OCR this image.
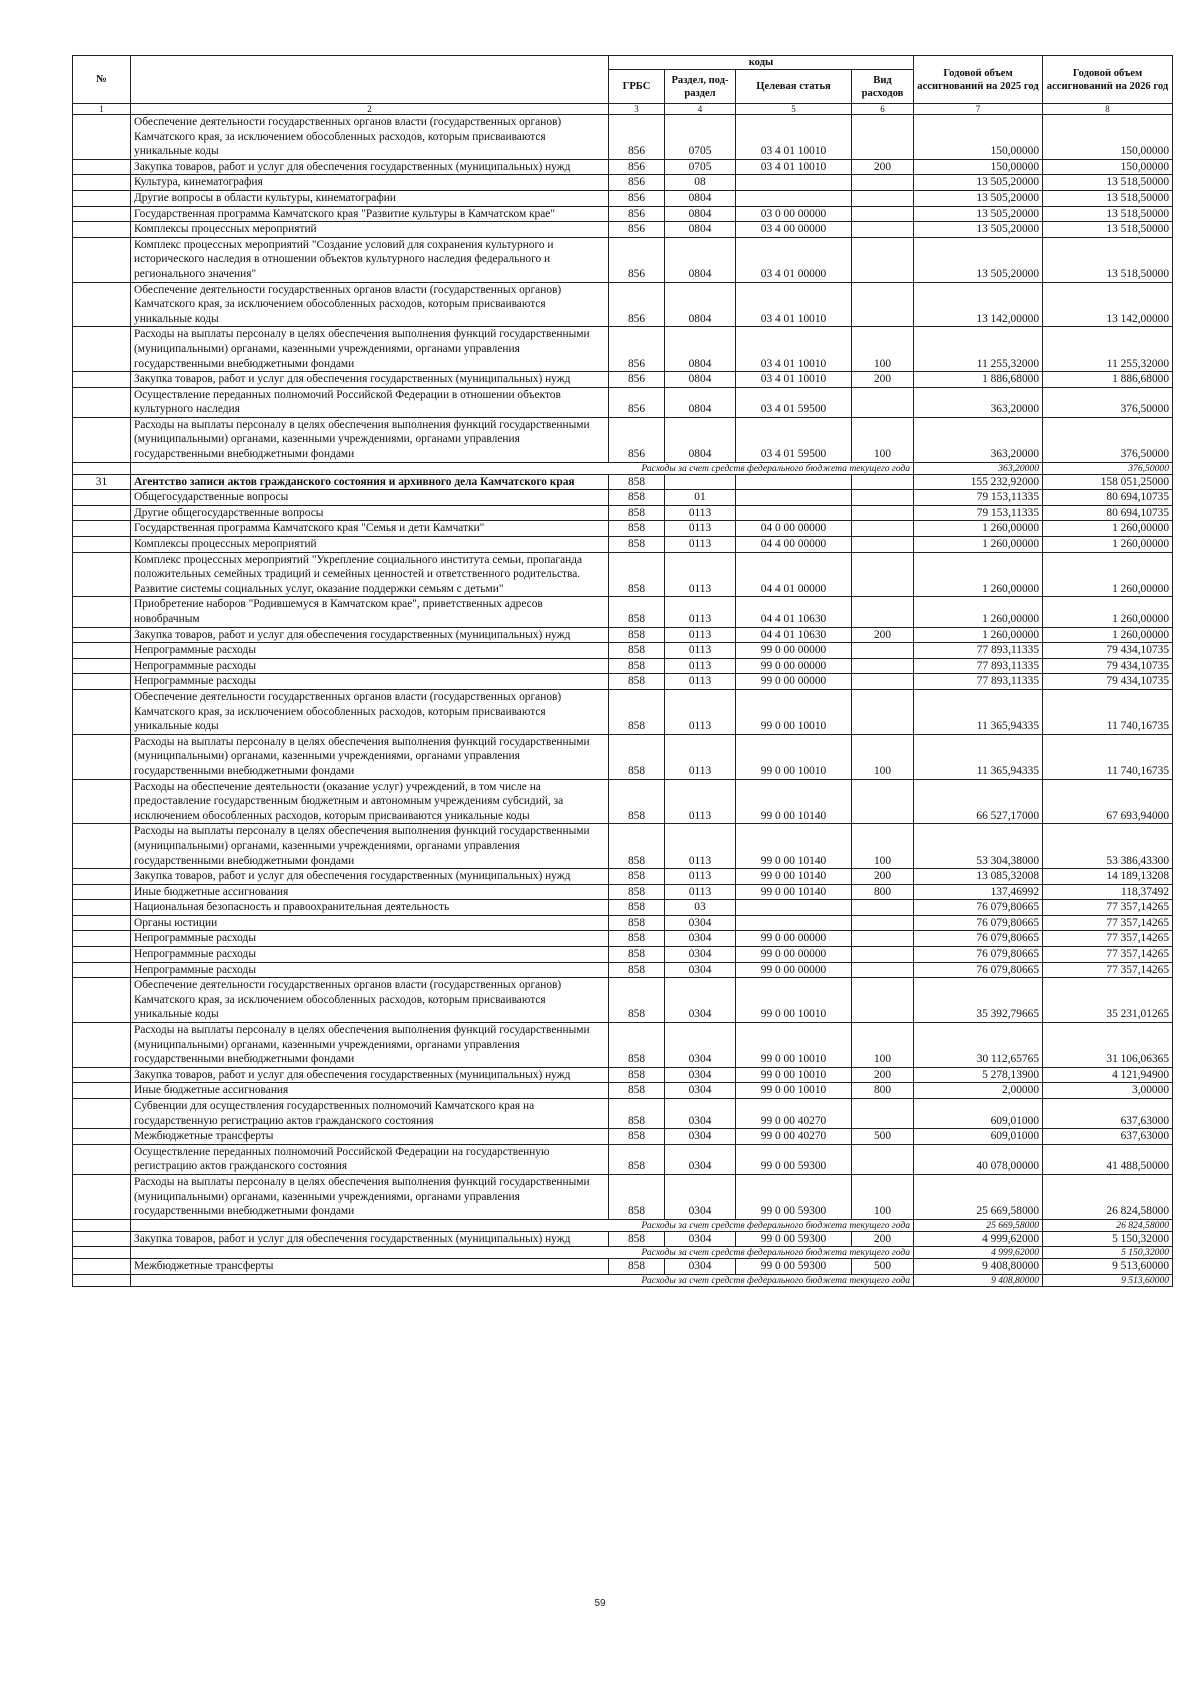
№		коды				Годовой объем ассигнований на 2025 год	Годовой объем ассигнований на 2026 год
		ГРБС	Раздел, под-раздел	Целевая статья	Вид расходов		
1	2	3	4	5	6	7	8
	Обеспечение деятельности государственных органов власти (государственных органов) Камчатского края, за исключением обособленных расходов, которым присваиваются уникальные коды	856	0705	03 4 01 10010		150,00000	150,00000
	Закупка товаров, работ и услуг для обеспечения государственных (муниципальных) нужд	856	0705	03 4 01 10010	200	150,00000	150,00000
	Культура, кинематография	856	08			13 505,20000	13 518,50000
	Другие вопросы в области культуры, кинематографии	856	0804			13 505,20000	13 518,50000
	Государственная программа Камчатского края "Развитие культуры в Камчатском крае"	856	0804	03 0 00 00000		13 505,20000	13 518,50000
	Комплексы процессных мероприятий	856	0804	03 4 00 00000		13 505,20000	13 518,50000
	Комплекс процессных мероприятий "Создание условий для сохранения культурного и исторического наследия в отношении объектов культурного наследия федерального и регионального значения"	856	0804	03 4 01 00000		13 505,20000	13 518,50000
	Обеспечение деятельности государственных органов власти (государственных органов) Камчатского края, за исключением обособленных расходов, которым присваиваются уникальные коды	856	0804	03 4 01 10010		13 142,00000	13 142,00000
	Расходы на выплаты персоналу в целях обеспечения выполнения функций государственными (муниципальными) органами, казенными учреждениями, органами управления государственными внебюджетными фондами	856	0804	03 4 01 10010	100	11 255,32000	11 255,32000
	Закупка товаров, работ и услуг для обеспечения государственных (муниципальных) нужд	856	0804	03 4 01 10010	200	1 886,68000	1 886,68000
	Осуществление переданных полномочий Российской Федерации в отношении объектов культурного наследия	856	0804	03 4 01 59500		363,20000	376,50000
	Расходы на выплаты персоналу в целях обеспечения выполнения функций государственными (муниципальными) органами, казенными учреждениями, органами управления государственными внебюджетными фондами	856	0804	03 4 01 59500	100	363,20000	376,50000
	Расходы за счет средств федерального бюджета текущего года					363,20000	376,50000
31	Агентство записи актов гражданского состояния и архивного дела Камчатского края	858				155 232,92000	158 051,25000
	Общегосударственные вопросы	858	01			79 153,11335	80 694,10735
	Другие общегосударственные вопросы	858	0113			79 153,11335	80 694,10735
	Государственная программа Камчатского края "Семья и дети Камчатки"	858	0113	04 0 00 00000		1 260,00000	1 260,00000
	Комплексы процессных мероприятий	858	0113	04 4 00 00000		1 260,00000	1 260,00000
	Комплекс процессных мероприятий "Укрепление социального института семьи, пропаганда положительных семейных традиций и семейных ценностей и ответственного родительства. Развитие системы социальных услуг, оказание поддержки семьям с детьми"	858	0113	04 4 01 00000		1 260,00000	1 260,00000
	Приобретение наборов "Родившемуся в Камчатском крае", приветственных адресов новобрачным	858	0113	04 4 01 10630		1 260,00000	1 260,00000
	Закупка товаров, работ и услуг для обеспечения государственных (муниципальных) нужд	858	0113	04 4 01 10630	200	1 260,00000	1 260,00000
	Непрограммные расходы	858	0113	99 0 00 00000		77 893,11335	79 434,10735
	Непрограммные расходы	858	0113	99 0 00 00000		77 893,11335	79 434,10735
	Непрограммные расходы	858	0113	99 0 00 00000		77 893,11335	79 434,10735
	Обеспечение деятельности государственных органов власти (государственных органов) Камчатского края, за исключением обособленных расходов, которым присваиваются уникальные коды	858	0113	99 0 00 10010		11 365,94335	11 740,16735
	Расходы на выплаты персоналу в целях обеспечения выполнения функций государственными (муниципальными) органами, казенными учреждениями, органами управления государственными внебюджетными фондами	858	0113	99 0 00 10010	100	11 365,94335	11 740,16735
	Расходы на обеспечение деятельности (оказание услуг) учреждений, в том числе на предоставление государственным бюджетным и автономным учреждениям субсидий, за исключением обособленных расходов, которым присваиваются уникальные коды	858	0113	99 0 00 10140		66 527,17000	67 693,94000
	Расходы на выплаты персоналу в целях обеспечения выполнения функций государственными (муниципальными) органами, казенными учреждениями, органами управления государственными внебюджетными фондами	858	0113	99 0 00 10140	100	53 304,38000	53 386,43300
	Закупка товаров, работ и услуг для обеспечения государственных (муниципальных) нужд	858	0113	99 0 00 10140	200	13 085,32008	14 189,13208
	Иные бюджетные ассигнования	858	0113	99 0 00 10140	800	137,46992	118,37492
	Национальная безопасность и правоохранительная деятельность	858	03			76 079,80665	77 357,14265
	Органы юстиции	858	0304			76 079,80665	77 357,14265
	Непрограммные расходы	858	0304	99 0 00 00000		76 079,80665	77 357,14265
	Непрограммные расходы	858	0304	99 0 00 00000		76 079,80665	77 357,14265
	Непрограммные расходы	858	0304	99 0 00 00000		76 079,80665	77 357,14265
	Обеспечение деятельности государственных органов власти (государственных органов) Камчатского края, за исключением обособленных расходов, которым присваиваются уникальные коды	858	0304	99 0 00 10010		35 392,79665	35 231,01265
	Расходы на выплаты персоналу в целях обеспечения выполнения функций государственными (муниципальными) органами, казенными учреждениями, органами управления государственными внебюджетными фондами	858	0304	99 0 00 10010	100	30 112,65765	31 106,06365
	Закупка товаров, работ и услуг для обеспечения государственных (муниципальных) нужд	858	0304	99 0 00 10010	200	5 278,13900	4 121,94900
	Иные бюджетные ассигнования	858	0304	99 0 00 10010	800	2,00000	3,00000
	Субвенции для осуществления государственных полномочий Камчатского края на государственную регистрацию актов гражданского состояния	858	0304	99 0 00 40270		609,01000	637,63000
	Межбюджетные трансферты	858	0304	99 0 00 40270	500	609,01000	637,63000
	Осуществление переданных полномочий Российской Федерации на государственную регистрацию актов гражданского состояния	858	0304	99 0 00 59300		40 078,00000	41 488,50000
	Расходы на выплаты персоналу в целях обеспечения выполнения функций государственными (муниципальными) органами, казенными учреждениями, органами управления государственными внебюджетными фондами	858	0304	99 0 00 59300	100	25 669,58000	26 824,58000
	Расходы за счет средств федерального бюджета текущего года					25 669,58000	26 824,58000
	Закупка товаров, работ и услуг для обеспечения государственных (муниципальных) нужд	858	0304	99 0 00 59300	200	4 999,62000	5 150,32000
	Расходы за счет средств федерального бюджета текущего года					4 999,62000	5 150,32000
	Межбюджетные трансферты	858	0304	99 0 00 59300	500	9 408,80000	9 513,60000
	Расходы за счет средств федерального бюджета текущего года					9 408,80000	9 513,60000
59
